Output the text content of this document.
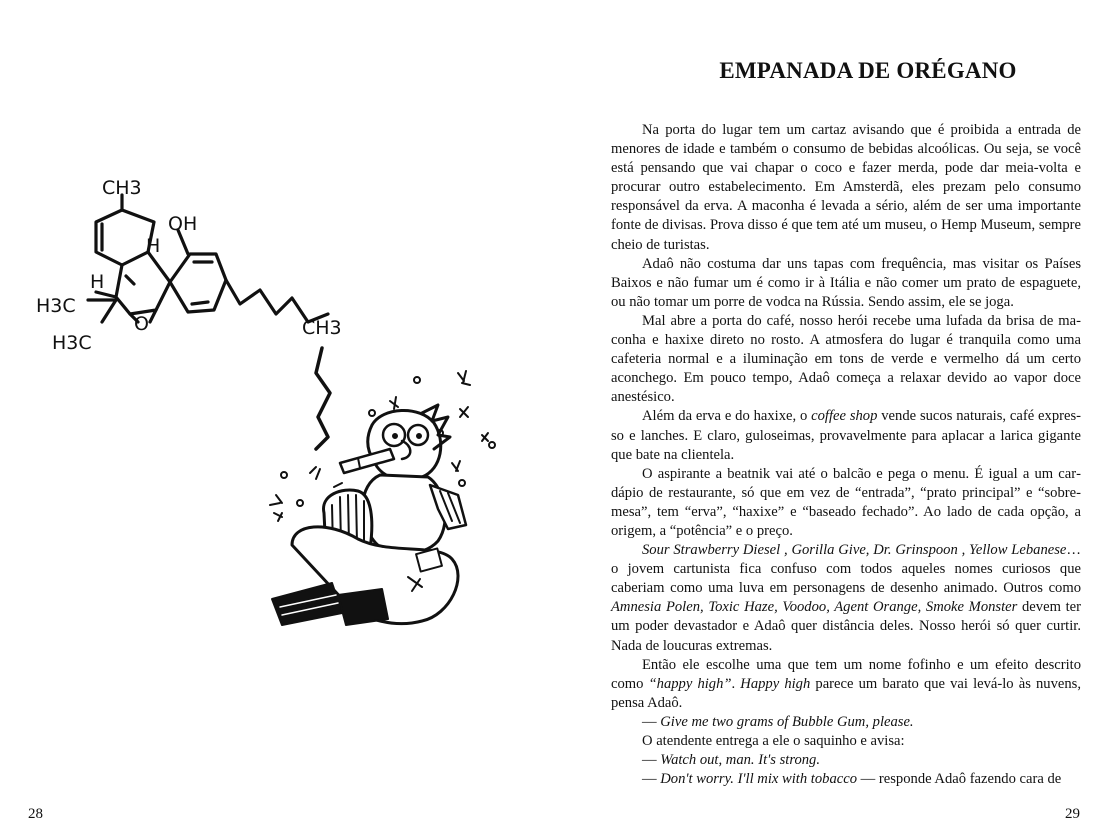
CH3
OH
H
H
H3C
H3C
O	CH3
28
EMPANADA DE ORÉGANO

Na porta do lugar tem um cartaz avisando que é proibida a entrada de menores de idade e também o consumo de bebidas alcoólicas. Ou seja, se você está pensando que vai chapar o coco e fazer merda, pode dar meia-volta e procurar outro estabelecimento. Em Amsterdã, eles prezam pelo consumo responsável da erva. A maconha é levada a sério, além de ser uma importante fonte de divisas. Prova disso é que tem até um museu, o Hemp Museum, sempre cheio de turistas.

Adaô não costuma dar uns tapas com frequência, mas visitar os Países Baixos e não fumar um é como ir à Itália e não comer um prato de espaguete, ou não tomar um porre de vodca na Rússia. Sendo assim, ele se joga.

Mal abre a porta do café, nosso herói recebe uma lufada da brisa de maconha e haxixe direto no rosto. A atmosfera do lugar é tranquila como uma cafeteria normal e a iluminação em tons de verde e vermelho dá um certo aconchego. Em pouco tempo, Adaô começa a relaxar devido ao vapor doce anestésico.

Além da erva e do haxixe, o coffee shop vende sucos naturais, café expresso e lanches. E claro, guloseimas, provavelmente para aplacar a larica gigante que bate na clientela.

O aspirante a beatnik vai até o balcão e pega o menu. É igual a um cardápio de restaurante, só que em vez de “entrada”, “prato principal” e “sobremesa”, tem “erva”, “haxixe” e “baseado fechado”. Ao lado de cada opção, a origem, a “potência” e o preço.

Sour Strawberry Diesel , Gorilla Give, Dr. Grinspoon , Yellow Lebanese… o jovem cartunista fica confuso com todos aqueles nomes curiosos que caberiam como uma luva em personagens de desenho animado. Outros como Amnesia Polen, Toxic Haze, Voodoo, Agent Orange, Smoke Monster devem ter um poder devastador e Adaô quer distância deles. Nosso herói só quer curtir. Nada de loucuras extremas.

Então ele escolhe uma que tem um nome fofinho e um efeito descrito como “happy high”. Happy high parece um barato que vai levá-lo às nuvens, pensa Adaô.

— Give me two grams of Bubble Gum, please.

O atendente entrega a ele o saquinho e avisa:

— Watch out, man. It's strong.

— Don't worry. I'll mix with tobacco — responde Adaô fazendo cara de

29
